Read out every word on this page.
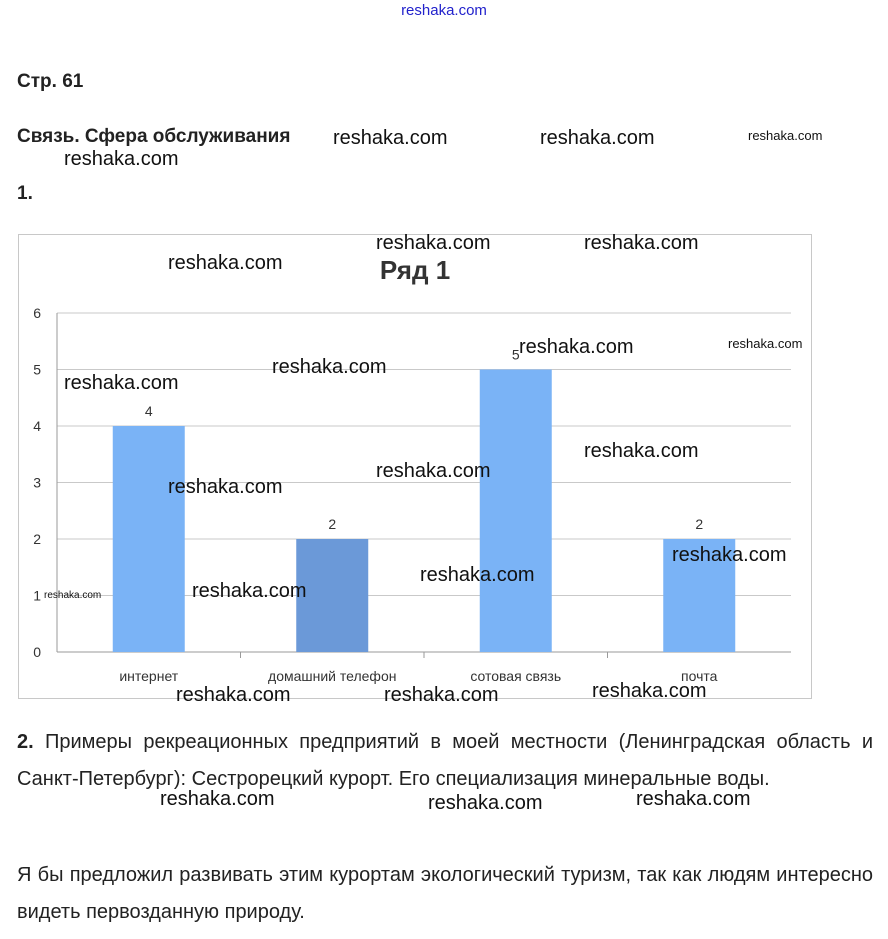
reshaka.com
Стр. 61
Связь. Сфера обслуживания
1.
Ряд 1
0
1
2
3
4
5
6
4
интернет
2
домашний телефон
5
сотовая связь
2
почта
2. Примеры рекреационных предприятий в моей местности (Ленинградская область и Санкт-Петербург): Сестрорецкий курорт. Его специализация минеральные воды.
Я бы предложил развивать этим курортам экологический туризм, так как людям интересно видеть первозданную природу.
reshaka.com	reshaka.com	reshaka.com
reshaka.com
reshaka.com	reshaka.com
reshaka.com
reshaka.com	reshaka.com
reshaka.com
reshaka.com
reshaka.com
reshaka.com
reshaka.com
reshaka.com
reshaka.com
reshaka.com
reshaka.com
reshaka.com
reshaka.com	reshaka.com
reshaka.com	reshaka.com
reshaka.com
